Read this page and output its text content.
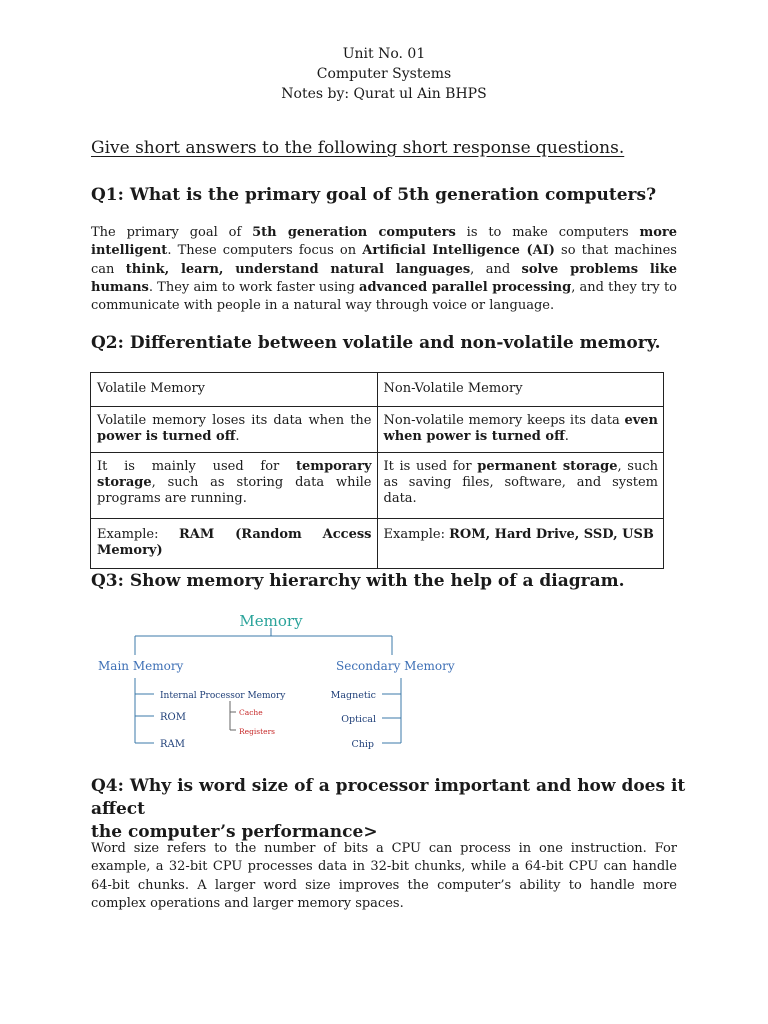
Unit No. 01
Computer Systems
Notes by: Qurat ul Ain BHPS
Give short answers to the following short response questions.
Q1: What is the primary goal of 5th generation computers?
The primary goal of 5th generation computers is to make computers more intelligent. These computers focus on Artificial Intelligence (AI) so that machines can think, learn, understand natural languages, and solve problems like humans. They aim to work faster using advanced parallel processing, and they try to communicate with people in a natural way through voice or language.
Q2: Differentiate between volatile and non-volatile memory.
Volatile Memory	Non-Volatile Memory
Volatile memory loses its data when the power is turned off.	Non-volatile memory keeps its data even when power is turned off.
It is mainly used for temporary storage, such as storing data while programs are running.	It is used for permanent storage, such as saving files, software, and system data.
Example: RAM (Random Access Memory)	Example: ROM, Hard Drive, SSD, USB
Q3: Show memory hierarchy with the help of a diagram.
Memory
Main Memory	Secondary Memory
Internal Processor Memory
ROM
RAM
Cache
Registers
Magnetic
Optical
Chip
Q4: Why is word size of a processor important and how does it affect
the computer’s performance>
Word size refers to the number of bits a CPU can process in one instruction. For example, a 32-bit CPU processes data in 32-bit chunks, while a 64-bit CPU can handle 64-bit chunks. A larger word size improves the computer’s ability to handle more complex operations and larger memory spaces.
